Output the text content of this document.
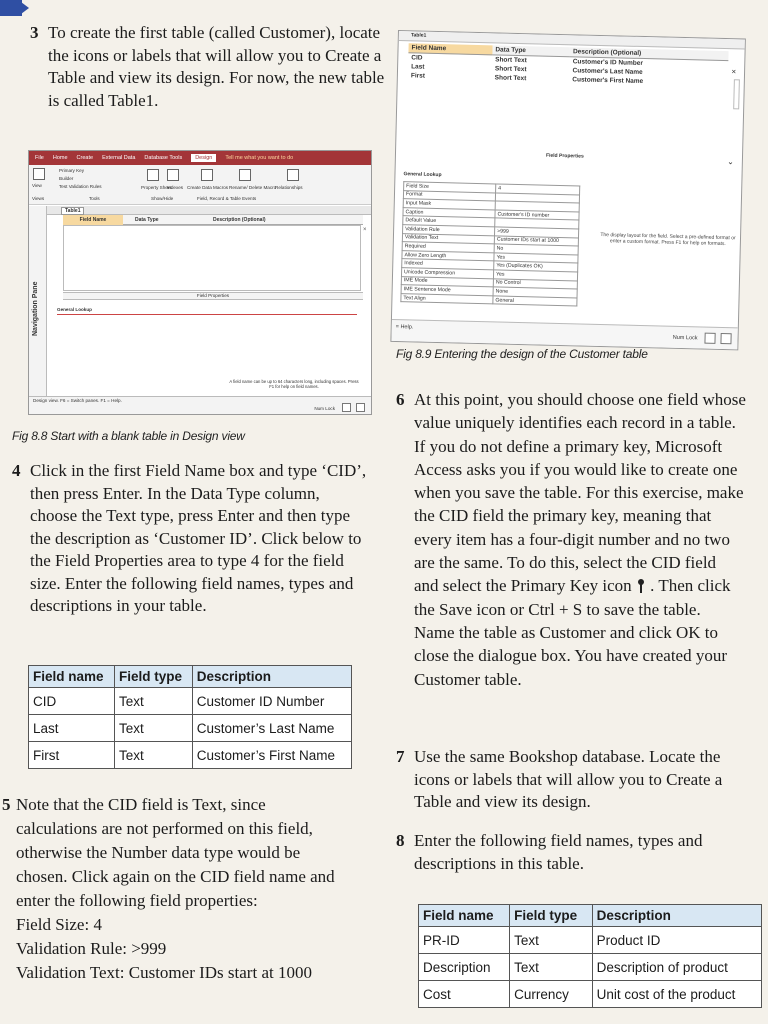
3 To create the first table (called Customer), locate

the icons or labels that will allow you to Create a

Table and view its design. For now, the new table

is called Table1.

File Home Create External Data Database Tools	Design	Tell me what you want to do
View
Primary Key
Builder
Test Validation Rules	Property Sheet
Indexes Create Data Macros Rename/ Delete Macro
Relationships
Views	Tools	Show/Hide	Field, Record & Table Events
Navigation Pane
Table1
Field Name	Data Type	Description (Optional)
×
Field Properties
General Lookup
A field name can be up to 64 characters long, including spaces. Press F1 for help on field names.
Design view. F6 = Switch panes. F1 = Help.
Num Lock
Fig 8.8 Start with a blank table in Design view
4 Click in the first Field Name box and type ‘CID’,

then press Enter. In the Data Type column,

choose the Text type, press Enter and then type

the description as ‘Customer ID’. Click below to

the Field Properties area to type 4 for the field

size. Enter the following field names, types and

descriptions in your table.

Field name	Field type	Description
CID	Text	Customer ID Number
Last	Text	Customer’s Last Name
First	Text	Customer’s First Name
5 Note that the CID field is Text, since

calculations are not performed on this field,

otherwise the Number data type would be

chosen. Click again on the CID field name and

enter the following field properties:

Field Size: 4

Validation Rule: >999

Validation Text: Customer IDs start at 1000

Table1
×
Field Name	Data Type	Description (Optional)
CID	Short Text	Customer's ID Number
Last	Short Text	Customer's Last Name
First	Short Text	Customer's First Name
Field Properties
⌄
General Lookup
Field Size	4
Format	
Input Mask	
Caption	Customer's ID number
Default Value	
Validation Rule	>999
Validation Text	Customer IDs start at 1000
Required	No
Allow Zero Length	Yes
Indexed	Yes (Duplicates OK)
Unicode Compression	Yes
IME Mode	No Control
IME Sentence Mode	None
Text Align	General
The display layout for the field. Select a pre-defined format or enter a custom format. Press F1 for help on formats.
= Help.
Num Lock
Fig 8.9 Entering the design of the Customer table
6 At this point, you should choose one field whose

value uniquely identifies each record in a table.

If you do not define a primary key, Microsoft

Access asks you if you would like to create one

when you save the table. For this exercise, make

the CID field the primary key, meaning that

every item has a four-digit number and no two

are the same. To do this, select the CID field

and select the Primary Key icon . Then click

the Save icon or Ctrl + S to save the table.

Name the table as Customer and click OK to

close the dialogue box. You have created your

Customer table.

7 Use the same Bookshop database. Locate the

icons or labels that will allow you to Create a

Table and view its design.

8 Enter the following field names, types and

descriptions in this table.

Field name	Field type	Description
PR-ID	Text	Product ID
Description	Text	Description of product
Cost	Currency	Unit cost of the product
